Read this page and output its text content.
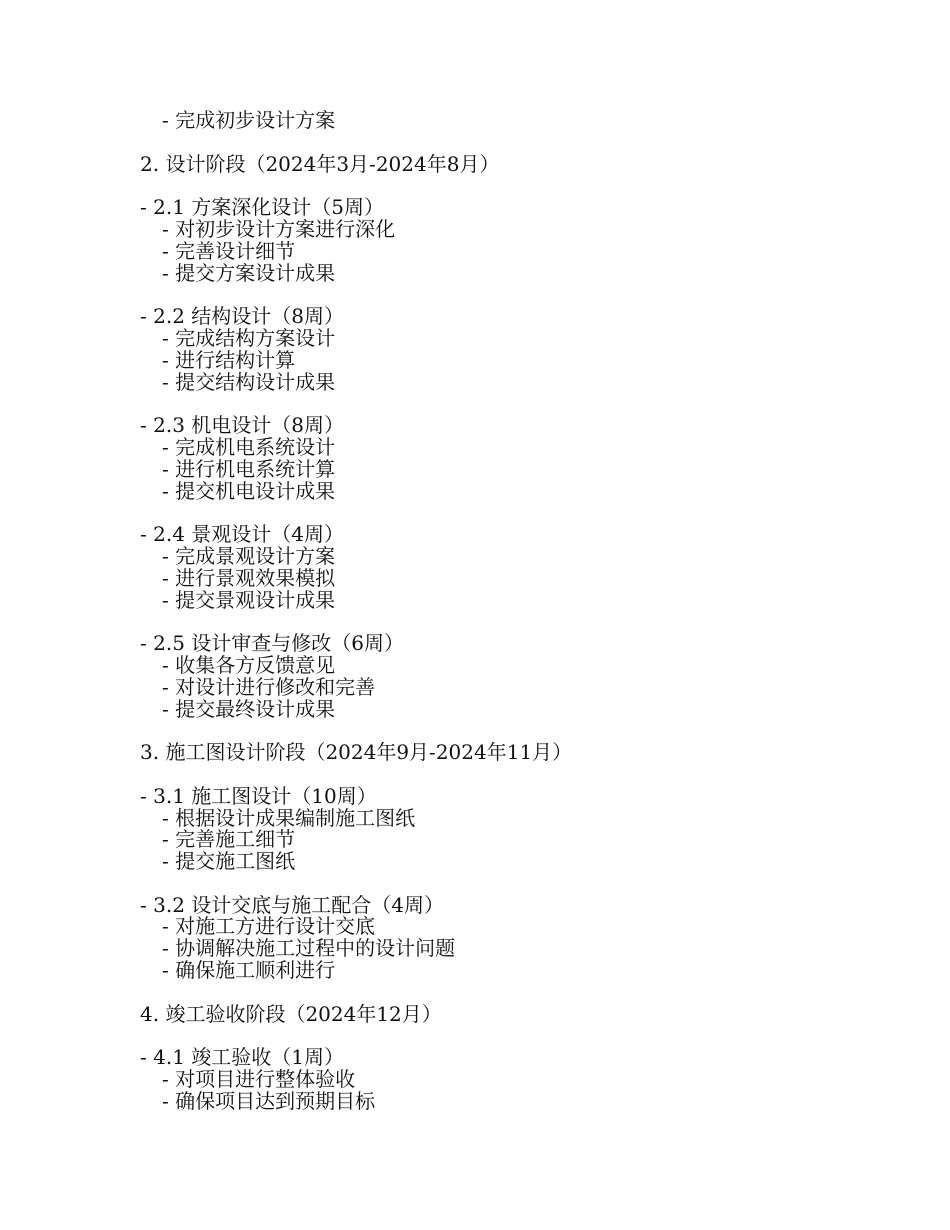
- 完成初步设计方案
2. 设计阶段（2024年3月-2024年8月）
- 2.1 方案深化设计（5周）
- 对初步设计方案进行深化
- 完善设计细节
- 提交方案设计成果
- 2.2 结构设计（8周）
- 完成结构方案设计
- 进行结构计算
- 提交结构设计成果
- 2.3 机电设计（8周）
- 完成机电系统设计
- 进行机电系统计算
- 提交机电设计成果
- 2.4 景观设计（4周）
- 完成景观设计方案
- 进行景观效果模拟
- 提交景观设计成果
- 2.5 设计审查与修改（6周）
- 收集各方反馈意见
- 对设计进行修改和完善
- 提交最终设计成果
3. 施工图设计阶段（2024年9月-2024年11月）
- 3.1 施工图设计（10周）
- 根据设计成果编制施工图纸
- 完善施工细节
- 提交施工图纸
- 3.2 设计交底与施工配合（4周）
- 对施工方进行设计交底
- 协调解决施工过程中的设计问题
- 确保施工顺利进行
4. 竣工验收阶段（2024年12月）
- 4.1 竣工验收（1周）
- 对项目进行整体验收
- 确保项目达到预期目标
